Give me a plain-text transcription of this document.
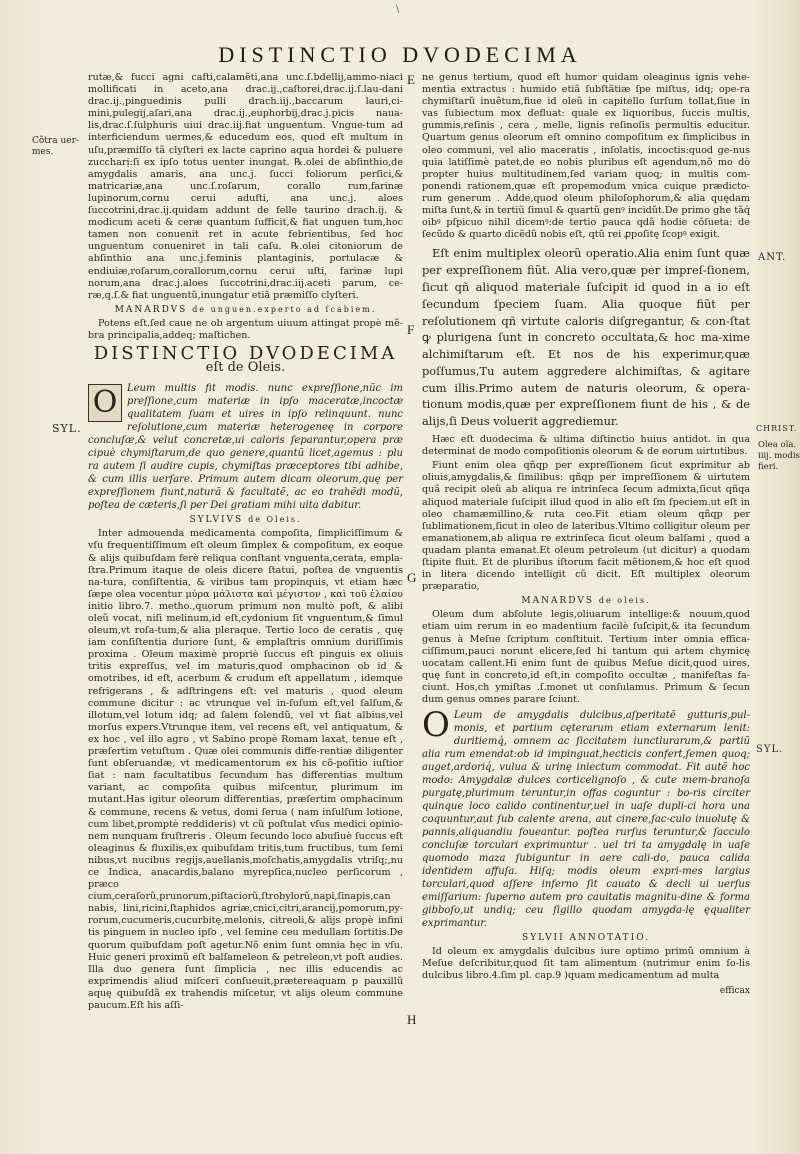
\
DISTINCTIO DVODECIMA
Cõtra uer-
mes.
SYL.
ANT.
CHRIST.
Olea oĩa.
iiij. modis
fieri.
SYL.
E
F
G
H

rutæ,& fucci agni cafti,calamẽti,ana unc.ſ.bdellij,ammo-niaci mollificati in aceto,ana drac.ij.,caſtorei,drac.ij.ſ.lau-dani drac.ij.,pinguedinis pulli drach.iij.,baccarum lauri,ci-mini,pulegij,aſari,ana drac.ij.,euphorbij,drac.j.picis naua-lis,drac.ſ.ſulphuris uiui drac.iij.fiat unguentum. Vngue-tum ad interficiendum uermes,& educedum eos, quod eſt multum in uſu,præmiſſo tã clyſteri ex lacte caprino aqua hordei & puluere zuccharị:ſi ex ipſo totus uenter inungat. ℞.olei de abſinthio,de amygdalis amaris, ana unc.j. ſucci foliorum perſici,& matricariæ,ana unc.ſ.roſarum, corallo rum,farinæ lupinorum,cornu cerui adufti, ana unc.j. aloes ſuccotrini,drac.ij.quidam addunt de felle taurino drach.ij. & modicum aceti & ceræ quantum ſufficit,& fiat unguen tum,hoc tamen non conuenit ret in acute febrientibus, ſed hoc unguentum conueniret in tali caſu. ℞.olei citoniorum de abſinthio ana unc.j.feminis plantaginis, portulacæ & endiuiæ,roſarum,corallorum,cornu cerui uſti, farinæ lupi norum,ana drac.j.aloes ſuccotrini,drac.iij.aceti parum, ce-ræ,q.ſ.& fiat unguentũ,inungatur etiã præmiſſo clyſteri.

MANARDVS de unguen.experto ad ſcabiem.

Potens eſt.ſed caue ne ob argentum uiuum attingat propè mẽ-bra principalia,addeq; maſtichen.

DISTINCTIO DVODECIMA
eſt de Oleis.

O Leum multis fit modis. nunc expreſſione,nũc im preſſione,cum materiæ in ipſo maceratæ,incoctæ qualitatem ſuam et uires in ipſo relinquunt. nunc reſolutione,cum materiæ heterogeneę in corpore concluſæ,& velut concretæ,ui caloris ſeparantur,opera præ cipuè chymiſtarum,de quo genere,quantũ licet,agemus : plu ra autem ſi audire cupis, chymiſtas præceptores tibi adhibe, & cum illis uerſare. Primum autem dicam oleorum,quę per expreſſionem fiunt,naturã & facultatẽ, ac eo trahẽdi modũ, poſtea de cæteris,ſi per Dei gratiam mihi uita dabitur.

SYLVIVS de Oleis.

Inter admouenda medicamenta compoſita, ſimpliciſſimum & vſu frequentiſſimum eſt oleum ſimplex & compoſitum, ex eoque & alijs quibuſdam ferè reliqua conſtant vnguenta,cerata, empla-ſtra.Primum itaque de oleis dicere ſtatui, poſtea de vnguentis na-tura, conſiſtentia, & viribus tam propinquis, vt etiam hæc ſæpe olea vocentur μύρα μάλιστα καὶ μέγιστον , καὶ τοῦ ἐλαίου initio libro.7. metho.,quorum primum non multò poſt, & alibi oleũ vocat, niſi melinum,id eſt,cydonium ſit vnguentum,& ſimul oleum,vt roſa-tum,& alia pleraque. Tertio loco de ceratis , quę iam conſiſtentia duriore ſunt, & emplaſtris omnium duriſſimis proxima . Oleum maximè propriè ſuccus eſt pinguis ex oliuis tritis expreſſus, vel im maturis,quod omphacinon ob id & omotribes, id eſt, acerbum & crudum eſt appellatum , idemque refrigerans , & adſtringens eſt: vel maturis , quod oleum commune dicitur : ac vtrunque vel in-ſuſum eſt,vel ſalſum,& illotum,vel lotum idq; ad ſalem ſolendũ, vel vt ſiat albius,vel morſus expers.Vtrunque item, vel recens eſt, vel antiquatum, & ex hoc , vel illo agro , vt Sabino propè Romam laxat, tenue eſt , præſertim vetuſtum . Quæ olei communis diffe-rentiæ diligenter ſunt obſeruandæ, vt medicamentorum ex his cõ-poſitio iuſtior ſiat : nam facultatibus ſecundum has differentias multum variant, ac compoſita quibus miſcentur, plurimum im mutant.Has igitur oleorum differentias, præſertim omphacinum & commune, recens & vetus, domi ſerua ( nam inſulſum lotione, cum libet,promptè reddideris) vt cũ poſtulat vſus medici opinio-nem nunquam fruſtreris . Oleum ſecundo loco abuſiuè ſuccus eſt oleaginus & fluxilis,ex quibuſdam tritis,tum fructibus, tum ſemi nibus,vt nucibus regijs,auellanis,moſchatis,amygdalis vtriſq;,nu ce Indica, anacardis,balano myrepſica,nucleo perſicorum , præco cium,ceraſorũ,prunorum,piſtaciorũ,ſtrobylorũ,napi,ſinapis,can nabis, lini,ricini,ſtaphidos agriæ,cnici,citri,arancij,pomorum,py-rorum,cucumeris,cucurbitę,melonis, citreoli,& alijs propè infini tis pinguem in nucleo ipſo , vel ſemine ceu medullam ſortitis.De quorum quibuſdam poſt agetur.Nõ enim ſunt omnia hęc in vſu. Huic generi proximũ eſt balſameleon & petreleon,vt poſt audies. Illa duo genera ſunt ſimplicia , nec illis educendis ac exprimendis aliud miſceri conſueuit,prætereaquam p pauxillũ aquę quibuſdã ex trahendis miſcetur, vt alijs oleum commune paucum.Eſt his aſſi-

ne genus tertium, quod eſt humor quidam oleaginus ignis vehe-mentia extractus : humido etiã ſubſtãtiæ ſpe miſtus, idq; ope-ra chymiſtarũ inuẽtum,fiue id oleũ in capitello ſurſum tollat,ſiue in vas ſubiectum mox defluat: quale ex liquoribus, ſuccis multis, gummis,reſinis , cera , melle, lignis reſinoſis permultis educitur. Quartum genus oleorum eſt omnino compoſitum ex ſimplicibus in oleo communi, vel alio maceratis , inſolatis, incoctis:quod ge-nus quia latiſſimè patet,de eo nobis pluribus eſt agendum,nõ mo dò propter huius multitudinem,ſed variam quoq; in multis com-ponendi rationem,quæ eſt propemodum vnica cuique prædicto-rum generum . Adde,quod oleum philoſophorum,& alia quędam miſta ſunt,& in tertiũ ſimul & quartũ genꝰ incidũt.De primo ghe tãq́ oibꝰ pſpicuo nihil dicemꝰ:de tertio pauca qdã hodie cõſueta: de ſecũdo & quarto dicẽdũ nobis eſt, qtũ rei ꝓpoſitę ſcopꝰ exigit.

Eſt enim multiplex oleorũ operatio.Alia enim ſunt quæ per expreſſionem fiũt. Alia vero,quæ per impreſ-ſionem, ſicut qñ aliquod materiale ſuſcipit id quod in a io eſt ſecundum ſpeciem ſuam. Alia quoque fiũt per reſolutionem qñ virtute caloris diſgregantur, & con-ſtat ꝙ plurigena ſunt in concreto occultata,& hoc ma-xime alchimiſtarum eſt. Et nos de his experimur,quæ poſſumus,Tu autem aggredere alchimiſtas, & agitare cum illis.Primo autem de naturis oleorum, & opera-tionum modis,quæ per expreſſionem fiunt de his , & de alijs,ſi Deus voluerit aggrediemur.

Hæc eſt duodecima & ultima diſtinctio huius antidot. in qua determinat de modo compoſitionis oleorum & de eorum uirtutibus.

Fiunt enim olea qñqp per expreſſionem ſicut exprimitur ab oliuis,amygdalis,& ſimilibus: qñqp per impreſſionem & uirtutem quã recipit oleũ ab aliqua re intrinſeca ſecum admixta,ſicut qñqa aliquod materiale ſuſcipit illud quod in alio eſt ſm ſpeciem.ut eſt in oleo chamæmillino,& ruta ceo.Fit etiam oleum qñqp per ſublimationem,ſicut in oleo de lateribus.Vltimo colligitur oleum per emanationem,ab aliqua re extrinſeca ſicut oleum balſami , quod a quadam planta emanat.Et oleum petroleum (ut dicitur) a quodam ſtipite fluit. Et de pluribus iſtorum facit mẽtionem,& hoc eſt quod in litera dicendo intelligit cũ dicit. Eſt multiplex oleorum præparatio,

MANARDVS de oleis.

Oleum dum abſolute legis,oliuarum intellige:& nouum,quod etiam uim rerum in eo madentium facilè ſuſcipit,& ita ſecundum genus à Meſue ſcriptum conſtituit. Tertium inter omnia effica-ciſſimum,pauci norunt elicere,ſed hi tantum qui artem chymicę uocatam callent.Hi enim ſunt de quibus Meſue dicit,quod uires, quę ſunt in concreto,id eſt,in compoſito occultæ , manifeſtas fa-ciunt. Hos,ch ymiſtas .ſ.monet ut conſulamus. Primum & ſecun dum genus omnes parare ſciunt.

O Leum de amygdalis dulcibus,aſperitatẽ gutturis,pul-monis, et partium cęterarum etiam externarum lenit: duritiemq́, omnem ac ſiccitatem iunctlurarum,& partiũ alia rum emendat:ob id impinguat,hecticis confert,ſemen quoq; auget,ardoriq́, vulua & urinę iniectum commodat. Fit autẽ hoc modo: Amygdalæ dulces corticelignoſo , & cute mem-branoſa purgatę,plurimum teruntur,in offas coguntur : bo-ris circiter quinque loco calido continentur,uel in uaſe dupli-ci hora una coquuntur,aut ſub calente arena, aut cinere,ſac-culo inuolutę & pannis,aliquandiu foueantur. poſtea rurſus teruntur,& ſacculo concluſæ torculari exprimuntur . uel tri ta amygdalę in uaſe quomodo maza ſubiguntur in aere cali-do, pauca calida identidem affuſa. Hiſq; modis oleum expri-mes largius torculari,quod aſſere inferno ſit cauato & decli ui uerſus emiſſarium: ſuperno autem pro cauitatis magnitu-dine & forma gibboſo,ut undiq; ceu ſigillo quodam amygda-lę ęqualiter exprimantur.

SYLVII ANNOTATIO.

Id oleum ex amygdalis dulcibus iure optimo primũ omnium à Meſue deſcribitur,quod ſit tam alimentum (nutrimur enim ſo-lis dulcibus libro.4.ſim pl. cap.9 )quam medicamentum ad multa

efficax
